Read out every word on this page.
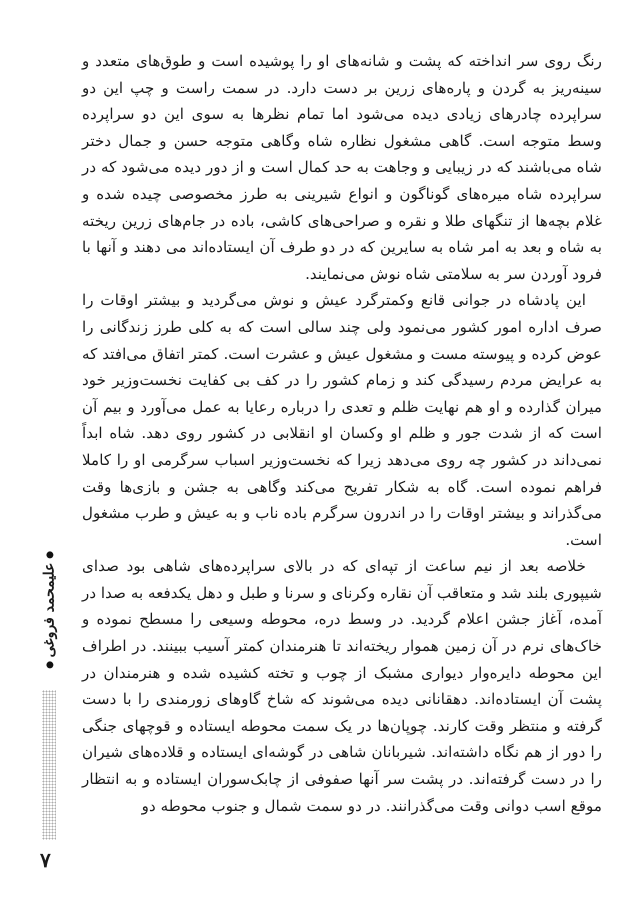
رنگ روی سر انداخته که پشت و شانه‌های او را پوشیده است و طوق‌های متعدد و سینه‌ریز به گردن و پاره‌های زرین بر دست دارد. در سمت راست و چپ این دو سراپرده چادرهای زیادی دیده می‌شود اما تمام نظرها به سوی این دو سراپرده وسط متوجه است. گاهی مشغول نظاره شاه وگاهی متوجه حسن و جمال دختر شاه می‌باشند که در زیبایی و وجاهت به حد کمال است و از دور دیده می‌شود که در سراپرده شاه میره‌های گوناگون و انواع شیرینی به طرز مخصوصی چیده شده و غلام بچه‌ها از تنگهای طلا و نقره و صراحی‌های کاشی، باده در جام‌های زرین ریخته به شاه و بعد به امر شاه به سایرین که در دو طرف آن ایستاده‌اند می دهند و آنها با فرود آوردن سر به سلامتی شاه نوش می‌نمایند.

این پادشاه در جوانی قانع وکمترگرد عیش و نوش می‌گردید و بیشتر اوقات را صرف اداره امور کشور می‌نمود ولی چند سالی است که به کلی طرز زندگانی را عوض کرده و پیوسته مست و مشغول عیش و عشرت است. کمتر اتفاق می‌افتد که به عرایض مردم رسیدگی کند و زمام کشور را در کف بی کفایت نخست‌وزیر خود میران گذارده و او هم نهایت ظلم و تعدی را درباره رعایا به عمل می‌آورد و بیم آن است که از شدت جور و ظلم او وکسان او انقلابی در کشور روی دهد. شاه ابداً نمی‌داند در کشور چه روی می‌دهد زیرا که نخست‌وزیر اسباب سرگرمی او را کاملا فراهم نموده است. گاه به شکار تفریح می‌کند وگاهی به جشن و بازی‌ها وقت می‌گذراند و بیشتر اوقات را در اندرون سرگرم باده ناب و به عیش و طرب مشغول است.

خلاصه بعد از نیم ساعت از تپه‌ای که در بالای سراپرده‌های شاهی بود صدای شیپوری بلند شد و متعاقب آن نقاره وکرنای و سرنا و طبل و دهل یکدفعه به صدا در آمده، آغاز جشن اعلام گردید. در وسط دره، محوطه وسیعی را مسطح نموده و خاک‌های نرم در آن زمین هموار ریخته‌اند تا هنرمندان کمتر آسیب ببینند. در اطراف این محوطه دایره‌وار دیواری مشبک از چوب و تخته کشیده شده و هنرمندان در پشت آن ایستاده‌اند. دهقانانی دیده می‌شوند که شاخ گاوهای زورمندی را با دست گرفته و منتظر وقت کارند. چوپان‌ها در یک سمت محوطه ایستاده و قوچهای جنگی را دور از هم نگاه داشته‌اند. شیربانان شاهی در گوشه‌ای ایستاده و قلاده‌های شیران را در دست گرفته‌اند. در پشت سر آنها صفوفی از چابک‌سوران ایستاده و به انتظار موقع اسب دوانی وقت می‌گذرانند. در دو سمت شمال و جنوب محوطه دو

علیمحمد فروغی
۷
